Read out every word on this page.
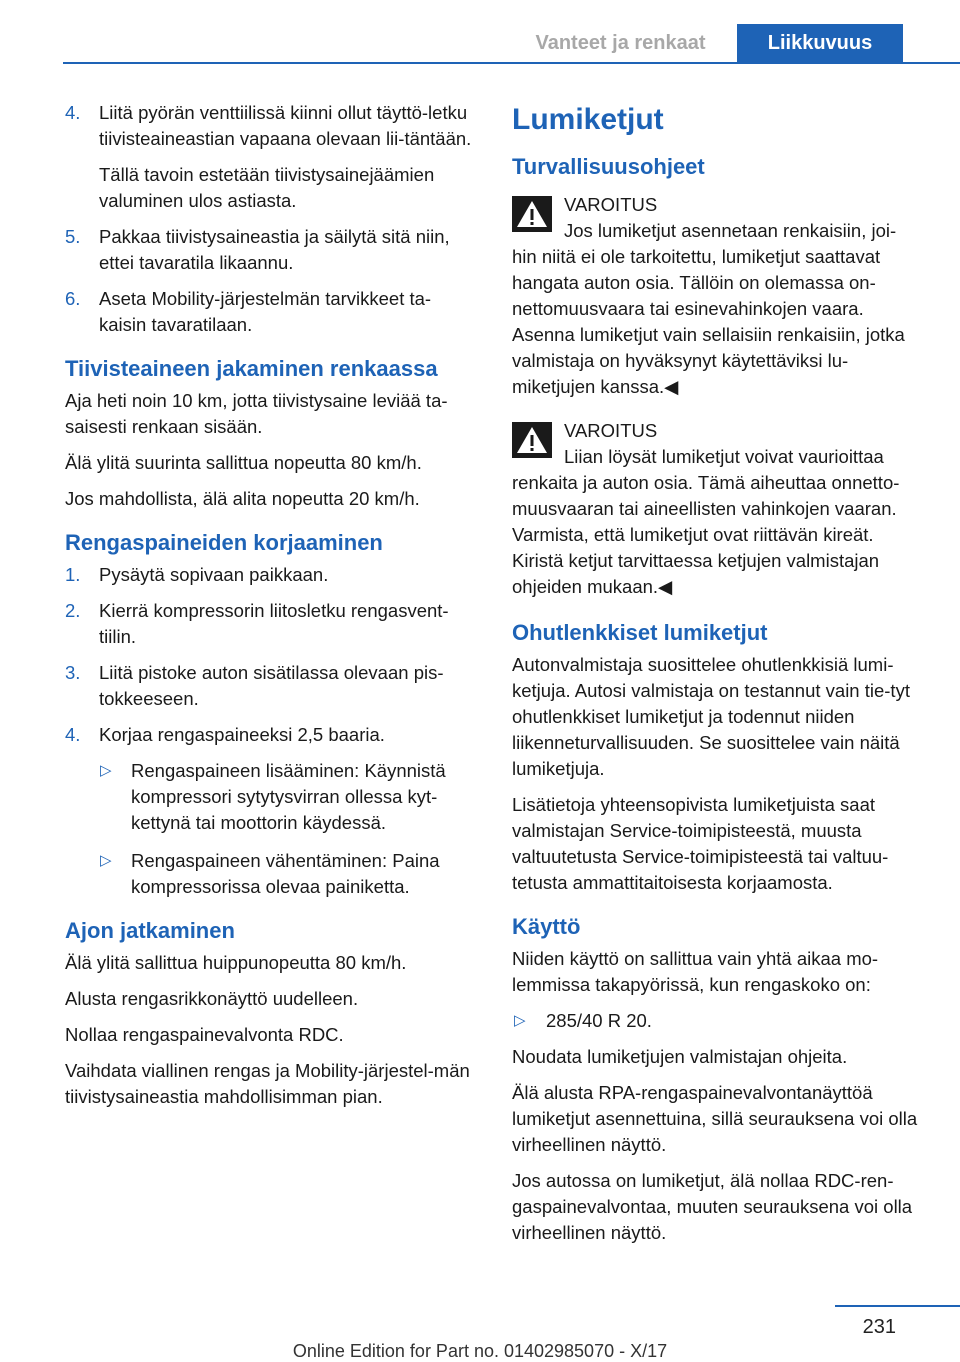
Vanteet ja renkaat	Liikkuvuus
4. Liitä pyörän venttiilissä kiinni ollut täyttö-letku tiivisteaineastian vapaana olevaan lii-täntään.
Tällä tavoin estetään tiivistysainejäämien valuminen ulos astiasta.
5. Pakkaa tiivistysaineastia ja säilytä sitä niin, ettei tavaratila likaannu.
6. Aseta Mobility-järjestelmän tarvikkeet ta-kaisin tavaratilaan.
Tiivisteaineen jakaminen renkaassa

Aja heti noin 10 km, jotta tiivistysaine leviää ta-saisesti renkaan sisään.

Älä ylitä suurinta sallittua nopeutta 80 km/h.

Jos mahdollista, älä alita nopeutta 20 km/h.

Rengaspaineiden korjaaminen
1. Pysäytä sopivaan paikkaan.
2. Kierrä kompressorin liitosletku rengasvent-tiilin.
3. Liitä pistoke auton sisätilassa olevaan pis-tokkeeseen.
4. Korjaa rengaspaineeksi 2,5 baaria.
▷ Rengaspaineen lisääminen: Käynnistä kompressori sytytysvirran ollessa kyt-kettynä tai moottorin käydessä.
▷ Rengaspaineen vähentäminen: Paina kompressorissa olevaa painiketta.
Ajon jatkaminen

Älä ylitä sallittua huippunopeutta 80 km/h.

Alusta rengasrikkonäyttö uudelleen.

Nollaa rengaspainevalvonta RDC.

Vaihdata viallinen rengas ja Mobility-järjestel-män tiivistysaineastia mahdollisimman pian.

Lumiketjut
Turvallisuusohjeet
VAROITUS
Jos lumiketjut asennetaan renkaisiin, joi-
hin niitä ei ole tarkoitettu, lumiketjut saattavat hangata auton osia. Tällöin on olemassa on-nettomuusvaara tai esinevahinkojen vaara. Asenna lumiketjut vain sellaisiin renkaisiin, jotka valmistaja on hyväksynyt käytettäviksi lu-miketjujen kanssa.◀
VAROITUS
Liian löysät lumiketjut voivat vaurioittaa
renkaita ja auton osia. Tämä aiheuttaa onnetto-muusvaaran tai aineellisten vahinkojen vaaran. Varmista, että lumiketjut ovat riittävän kireät. Kiristä ketjut tarvittaessa ketjujen valmistajan ohjeiden mukaan.◀
Ohutlenkkiset lumiketjut

Autonvalmistaja suosittelee ohutlenkkisiä lumi-ketjuja. Autosi valmistaja on testannut vain tie-tyt ohutlenkkiset lumiketjut ja todennut niiden liikenneturvallisuuden. Se suosittelee vain näitä lumiketjuja.

Lisätietoja yhteensopivista lumiketjuista saat valmistajan Service-toimipisteestä, muusta valtuutetusta Service-toimipisteestä tai valtuu-tetusta ammattitaitoisesta korjaamosta.

Käyttö

Niiden käyttö on sallittua vain yhtä aikaa mo-lemmissa takapyörissä, kun rengaskoko on:

▷ 285/40 R 20.

Noudata lumiketjujen valmistajan ohjeita.

Älä alusta RPA-rengaspainevalvontanäyttöä lumiketjut asennettuina, sillä seurauksena voi olla virheellinen näyttö.

Jos autossa on lumiketjut, älä nollaa RDC-ren-gaspainevalvontaa, muuten seurauksena voi olla virheellinen näyttö.

231
Online Edition for Part no. 01402985070 - X/17
